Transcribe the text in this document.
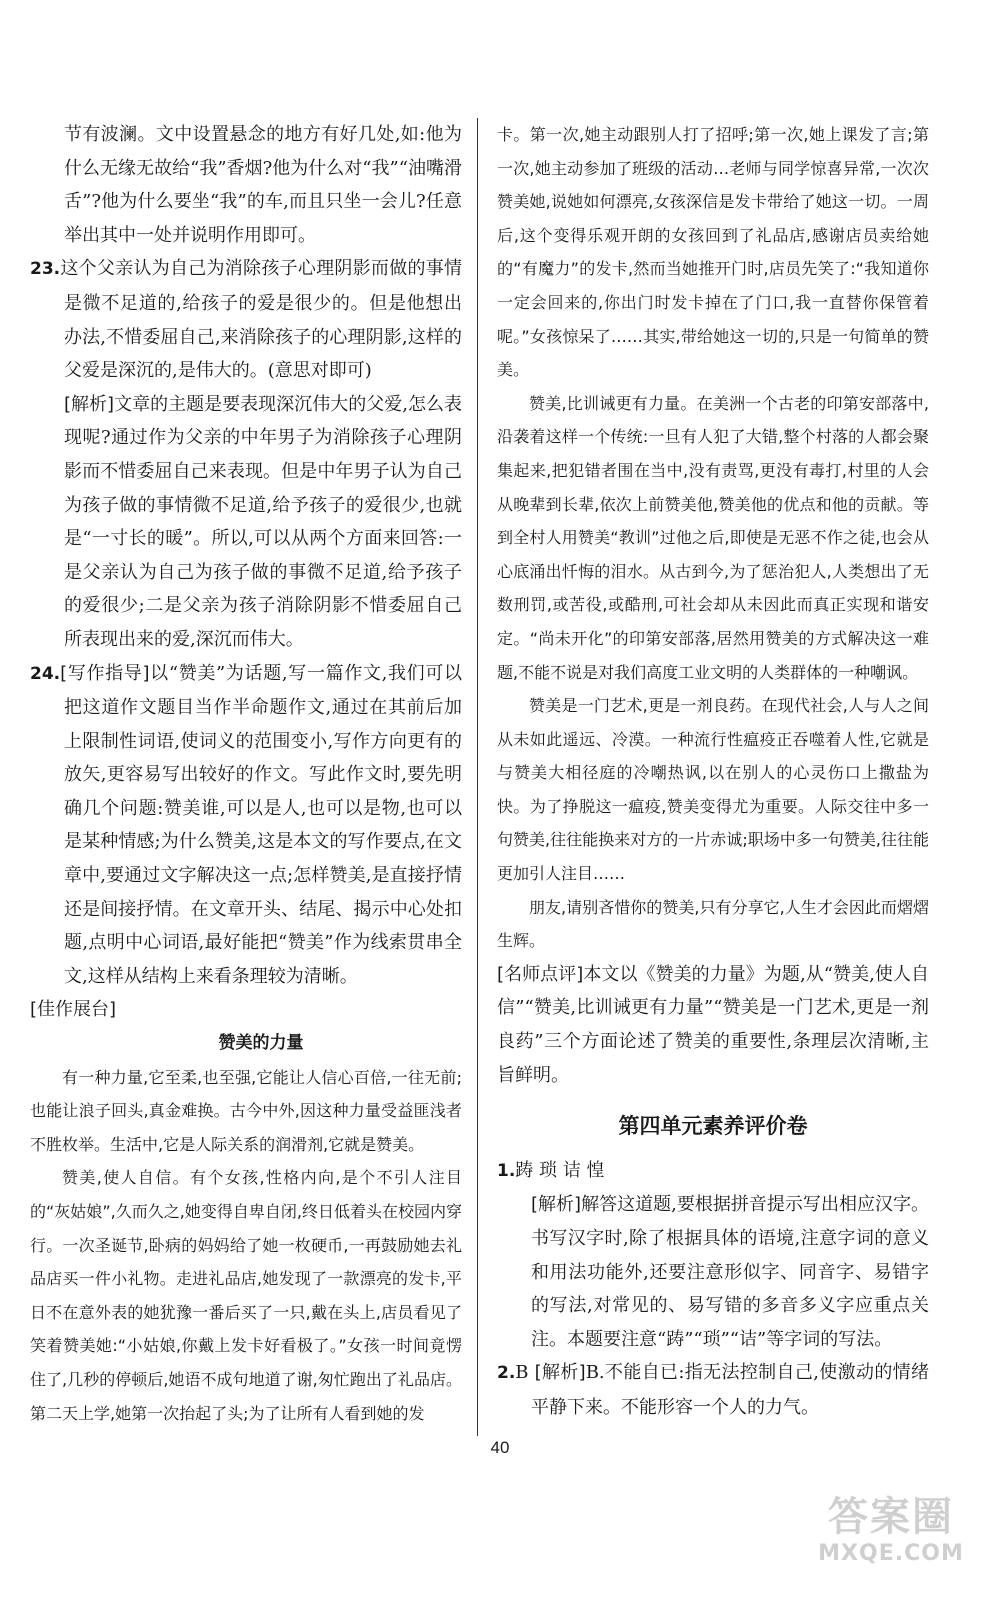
节有波澜。文中设置悬念的地方有好几处,如:他为什么无缘无故给“我”香烟?他为什么对“我”“油嘴滑舌”?他为什么要坐“我”的车,而且只坐一会儿?任意举出其中一处并说明作用即可。

23.这个父亲认为自己为消除孩子心理阴影而做的事情是微不足道的,给孩子的爱是很少的。但是他想出办法,不惜委屈自己,来消除孩子的心理阴影,这样的父爱是深沉的,是伟大的。(意思对即可)

[解析]文章的主题是要表现深沉伟大的父爱,怎么表现呢?通过作为父亲的中年男子为消除孩子心理阴影而不惜委屈自己来表现。但是中年男子认为自己为孩子做的事情微不足道,给予孩子的爱很少,也就是“一寸长的暖”。所以,可以从两个方面来回答:一是父亲认为自己为孩子做的事微不足道,给予孩子的爱很少;二是父亲为孩子消除阴影不惜委屈自己所表现出来的爱,深沉而伟大。

24.[写作指导]以“赞美”为话题,写一篇作文,我们可以把这道作文题目当作半命题作文,通过在其前后加上限制性词语,使词义的范围变小,写作方向更有的放矢,更容易写出较好的作文。写此作文时,要先明确几个问题:赞美谁,可以是人,也可以是物,也可以是某种情感;为什么赞美,这是本文的写作要点,在文章中,要通过文字解决这一点;怎样赞美,是直接抒情还是间接抒情。在文章开头、结尾、揭示中心处扣题,点明中心词语,最好能把“赞美”作为线索贯串全文,这样从结构上来看条理较为清晰。

[佳作展台]

赞美的力量

有一种力量,它至柔,也至强,它能让人信心百倍,一往无前;也能让浪子回头,真金难换。古今中外,因这种力量受益匪浅者不胜枚举。生活中,它是人际关系的润滑剂,它就是赞美。

赞美,使人自信。有个女孩,性格内向,是个不引人注目的“灰姑娘”,久而久之,她变得自卑自闭,终日低着头在校园内穿行。一次圣诞节,卧病的妈妈给了她一枚硬币,一再鼓励她去礼品店买一件小礼物。走进礼品店,她发现了一款漂亮的发卡,平日不在意外表的她犹豫一番后买了一只,戴在头上,店员看见了笑着赞美她:“小姑娘,你戴上发卡好看极了。”女孩一时间竟愣住了,几秒的停顿后,她语不成句地道了谢,匆忙跑出了礼品店。第二天上学,她第一次抬起了头;为了让所有人看到她的发

卡。第一次,她主动跟别人打了招呼;第一次,她上课发了言;第一次,她主动参加了班级的活动…老师与同学惊喜异常,一次次赞美她,说她如何漂亮,女孩深信是发卡带给了她这一切。一周后,这个变得乐观开朗的女孩回到了礼品店,感谢店员卖给她的“有魔力”的发卡,然而当她推开门时,店员先笑了:“我知道你一定会回来的,你出门时发卡掉在了门口,我一直替你保管着呢。”女孩惊呆了……其实,带给她这一切的,只是一句简单的赞美。

赞美,比训诫更有力量。在美洲一个古老的印第安部落中,沿袭着这样一个传统:一旦有人犯了大错,整个村落的人都会聚集起来,把犯错者围在当中,没有责骂,更没有毒打,村里的人会从晚辈到长辈,依次上前赞美他,赞美他的优点和他的贡献。等到全村人用赞美“教训”过他之后,即使是无恶不作之徒,也会从心底涌出忏悔的泪水。从古到今,为了惩治犯人,人类想出了无数刑罚,或苦役,或酷刑,可社会却从未因此而真正实现和谐安定。“尚未开化”的印第安部落,居然用赞美的方式解决这一难题,不能不说是对我们高度工业文明的人类群体的一种嘲讽。

赞美是一门艺术,更是一剂良药。在现代社会,人与人之间从未如此遥远、冷漠。一种流行性瘟疫正吞噬着人性,它就是与赞美大相径庭的冷嘲热讽,以在别人的心灵伤口上撒盐为快。为了挣脱这一瘟疫,赞美变得尤为重要。人际交往中多一句赞美,往往能换来对方的一片赤诚;职场中多一句赞美,往往能更加引人注目……

朋友,请别吝惜你的赞美,只有分享它,人生才会因此而熠熠生辉。

[名师点评]本文以《赞美的力量》为题,从“赞美,使人自信”“赞美,比训诫更有力量”“赞美是一门艺术,更是一剂良药”三个方面论述了赞美的重要性,条理层次清晰,主旨鲜明。

第四单元素养评价卷

1.踌 琐 诘 惶

[解析]解答这道题,要根据拼音提示写出相应汉字。书写汉字时,除了根据具体的语境,注意字词的意义和用法功能外,还要注意形似字、同音字、易错字的写法,对常见的、易写错的多音多义字应重点关注。本题要注意“踌”“琐”“诘”等字词的写法。

2.B [解析]B.不能自已:指无法控制自己,使激动的情绪平静下来。不能形容一个人的力气。

40
答案圈
MXQE.COM
